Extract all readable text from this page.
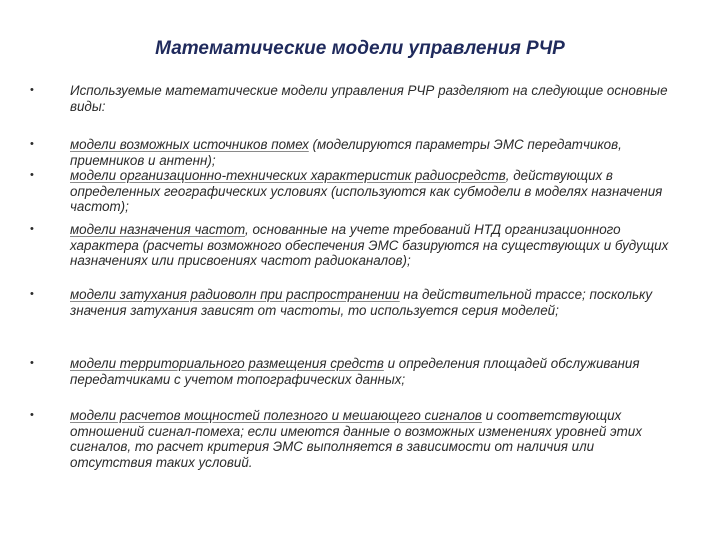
Математические модели управления РЧР
•	Используемые математические модели управления РЧР разделяют на следующие основные виды:
•	модели возможных источников помех (моделируются параметры ЭМС передатчиков, приемников и антенн);
•	модели организационно-технических характеристик радиосредств, действующих в определенных географических условиях (используются как субмодели в моделях назначения частот);
•	модели назначения частот, основанные на учете требований НТД организационного характера (расчеты возможного обеспечения ЭМС базируются на существующих и будущих назначениях или присвоениях частот радиоканалов);
•	модели затухания радиоволн при распространении на действительной трассе; поскольку значения затухания зависят от частоты, то используется серия моделей;
•	модели территориального размещения средств и определения площадей обслуживания передатчиками с учетом топографических данных;
•	модели расчетов мощностей полезного и мешающего сигналов и соответствующих отношений сигнал-помеха; если имеются данные о возможных изменениях уровней этих сигналов, то расчет критерия ЭМС выполняется в зависимости от наличия или отсутствия таких условий.
